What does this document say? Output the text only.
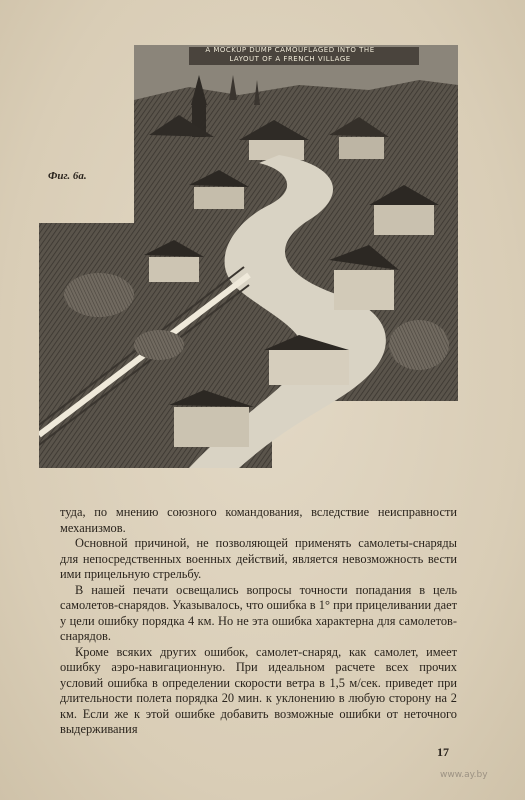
A MOCKUP DUMP CAMOUFLAGED INTO THE LAYOUT OF A FRENCH VILLAGE
Фиг. 6а.

туда, по мнению союзного командования, вследствие неисправности механизмов.

Основной причиной, не позволяющей применять самолеты-снаряды для непосредственных военных действий, является невозможность вести ими прицельную стрельбу.

В нашей печати освещались вопросы точности попадания в цель самолетов-снарядов. Указывалось, что ошибка в 1° при прицеливании дает у цели ошибку порядка 4 км. Но не эта ошибка характерна для самолетов-снарядов.

Кроме всяких других ошибок, самолет-снаряд, как самолет, имеет ошибку аэро-навигационную. При идеальном расчете всех прочих условий ошибка в определении скорости ветра в 1,5 м/сек. приведет при длительности полета порядка 20 мин. к уклонению в любую сторону на 2 км. Если же к этой ошибке добавить возможные ошибки от неточного выдерживания

17
www.ay.by
